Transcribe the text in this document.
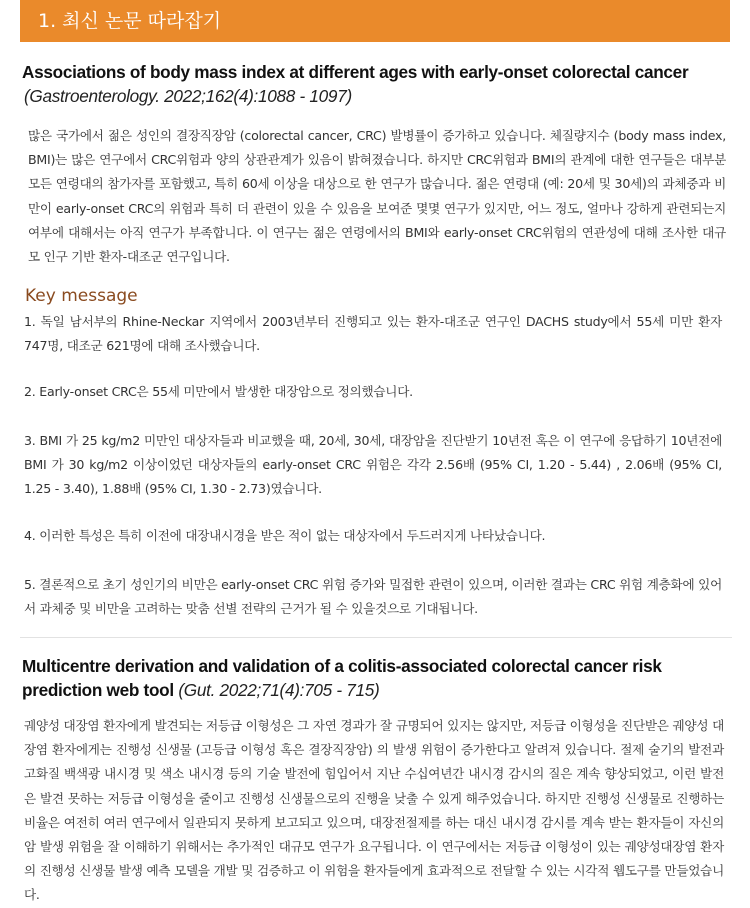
1. 최신 논문 따라잡기
Associations of body mass index at different ages with early-onset colorectal cancer
(Gastroenterology. 2022;162(4):1088 - 1097)
많은 국가에서 젊은 성인의 결장직장암 (colorectal cancer, CRC) 발병률이 증가하고 있습니다. 체질량지수 (body mass index, BMI)는 많은 연구에서 CRC위험과 양의 상관관계가 있음이 밝혀졌습니다. 하지만 CRC위험과 BMI의 관계에 대한 연구들은 대부분 모든 연령대의 참가자를 포함했고, 특히 60세 이상을 대상으로 한 연구가 많습니다. 젊은 연령대 (예: 20세 및 30세)의 과체중과 비만이 early-onset CRC의 위험과 특히 더 관련이 있을 수 있음을 보여준 몇몇 연구가 있지만, 어느 정도, 얼마나 강하게 관련되는지 여부에 대해서는 아직 연구가 부족합니다. 이 연구는 젊은 연령에서의 BMI와 early-onset CRC위험의 연관성에 대해 조사한 대규모 인구 기반 환자-대조군 연구입니다.
Key message
1. 독일 남서부의 Rhine-Neckar 지역에서 2003년부터 진행되고 있는 환자-대조군 연구인 DACHS study에서 55세 미만 환자 747명, 대조군 621명에 대해 조사했습니다.
2. Early-onset CRC은 55세 미만에서 발생한 대장암으로 정의했습니다.
3. BMI 가 25 kg/m2 미만인 대상자들과 비교했을 때, 20세, 30세, 대장암을 진단받기 10년전 혹은 이 연구에 응답하기 10년전에 BMI 가 30 kg/m2 이상이었던 대상자들의 early-onset CRC 위험은 각각 2.56배 (95% CI, 1.20 - 5.44) , 2.06배 (95% CI, 1.25 - 3.40), 1.88배 (95% CI, 1.30 - 2.73)였습니다.
4. 이러한 특성은 특히 이전에 대장내시경을 받은 적이 없는 대상자에서 두드러지게 나타났습니다.
5. 결론적으로 초기 성인기의 비만은 early-onset CRC 위험 증가와 밀접한 관련이 있으며, 이러한 결과는 CRC 위험 계층화에 있어서 과체중 및 비만을 고려하는 맞춤 선별 전략의 근거가 될 수 있을것으로 기대됩니다.
Multicentre derivation and validation of a colitis-associated colorectal cancer risk prediction web tool (Gut. 2022;71(4):705 - 715)
궤양성 대장염 환자에게 발견되는 저등급 이형성은 그 자연 경과가 잘 규명되어 있지는 않지만, 저등급 이형성을 진단받은 궤양성 대장염 환자에게는 진행성 신생물 (고등급 이형성 혹은 결장직장암) 의 발생 위험이 증가한다고 알려져 있습니다. 절제 술기의 발전과 고화질 백색광 내시경 및 색소 내시경 등의 기술 발전에 힘입어서 지난 수십여년간 내시경 감시의 질은 계속 향상되었고, 이런 발전은 발견 못하는 저등급 이형성을 줄이고 진행성 신생물으로의 진행을 낮출 수 있게 해주었습니다. 하지만 진행성 신생물로 진행하는 비율은 여전히 여러 연구에서 일관되지 못하게 보고되고 있으며, 대장전절제를 하는 대신 내시경 감시를 계속 받는 환자들이 자신의 암 발생 위험을 잘 이해하기 위해서는 추가적인 대규모 연구가 요구됩니다. 이 연구에서는 저등급 이형성이 있는 궤양성대장염 환자의 진행성 신생물 발생 예측 모델을 개발 및 검증하고 이 위험을 환자들에게 효과적으로 전달할 수 있는 시각적 웹도구를 만들었습니다.
